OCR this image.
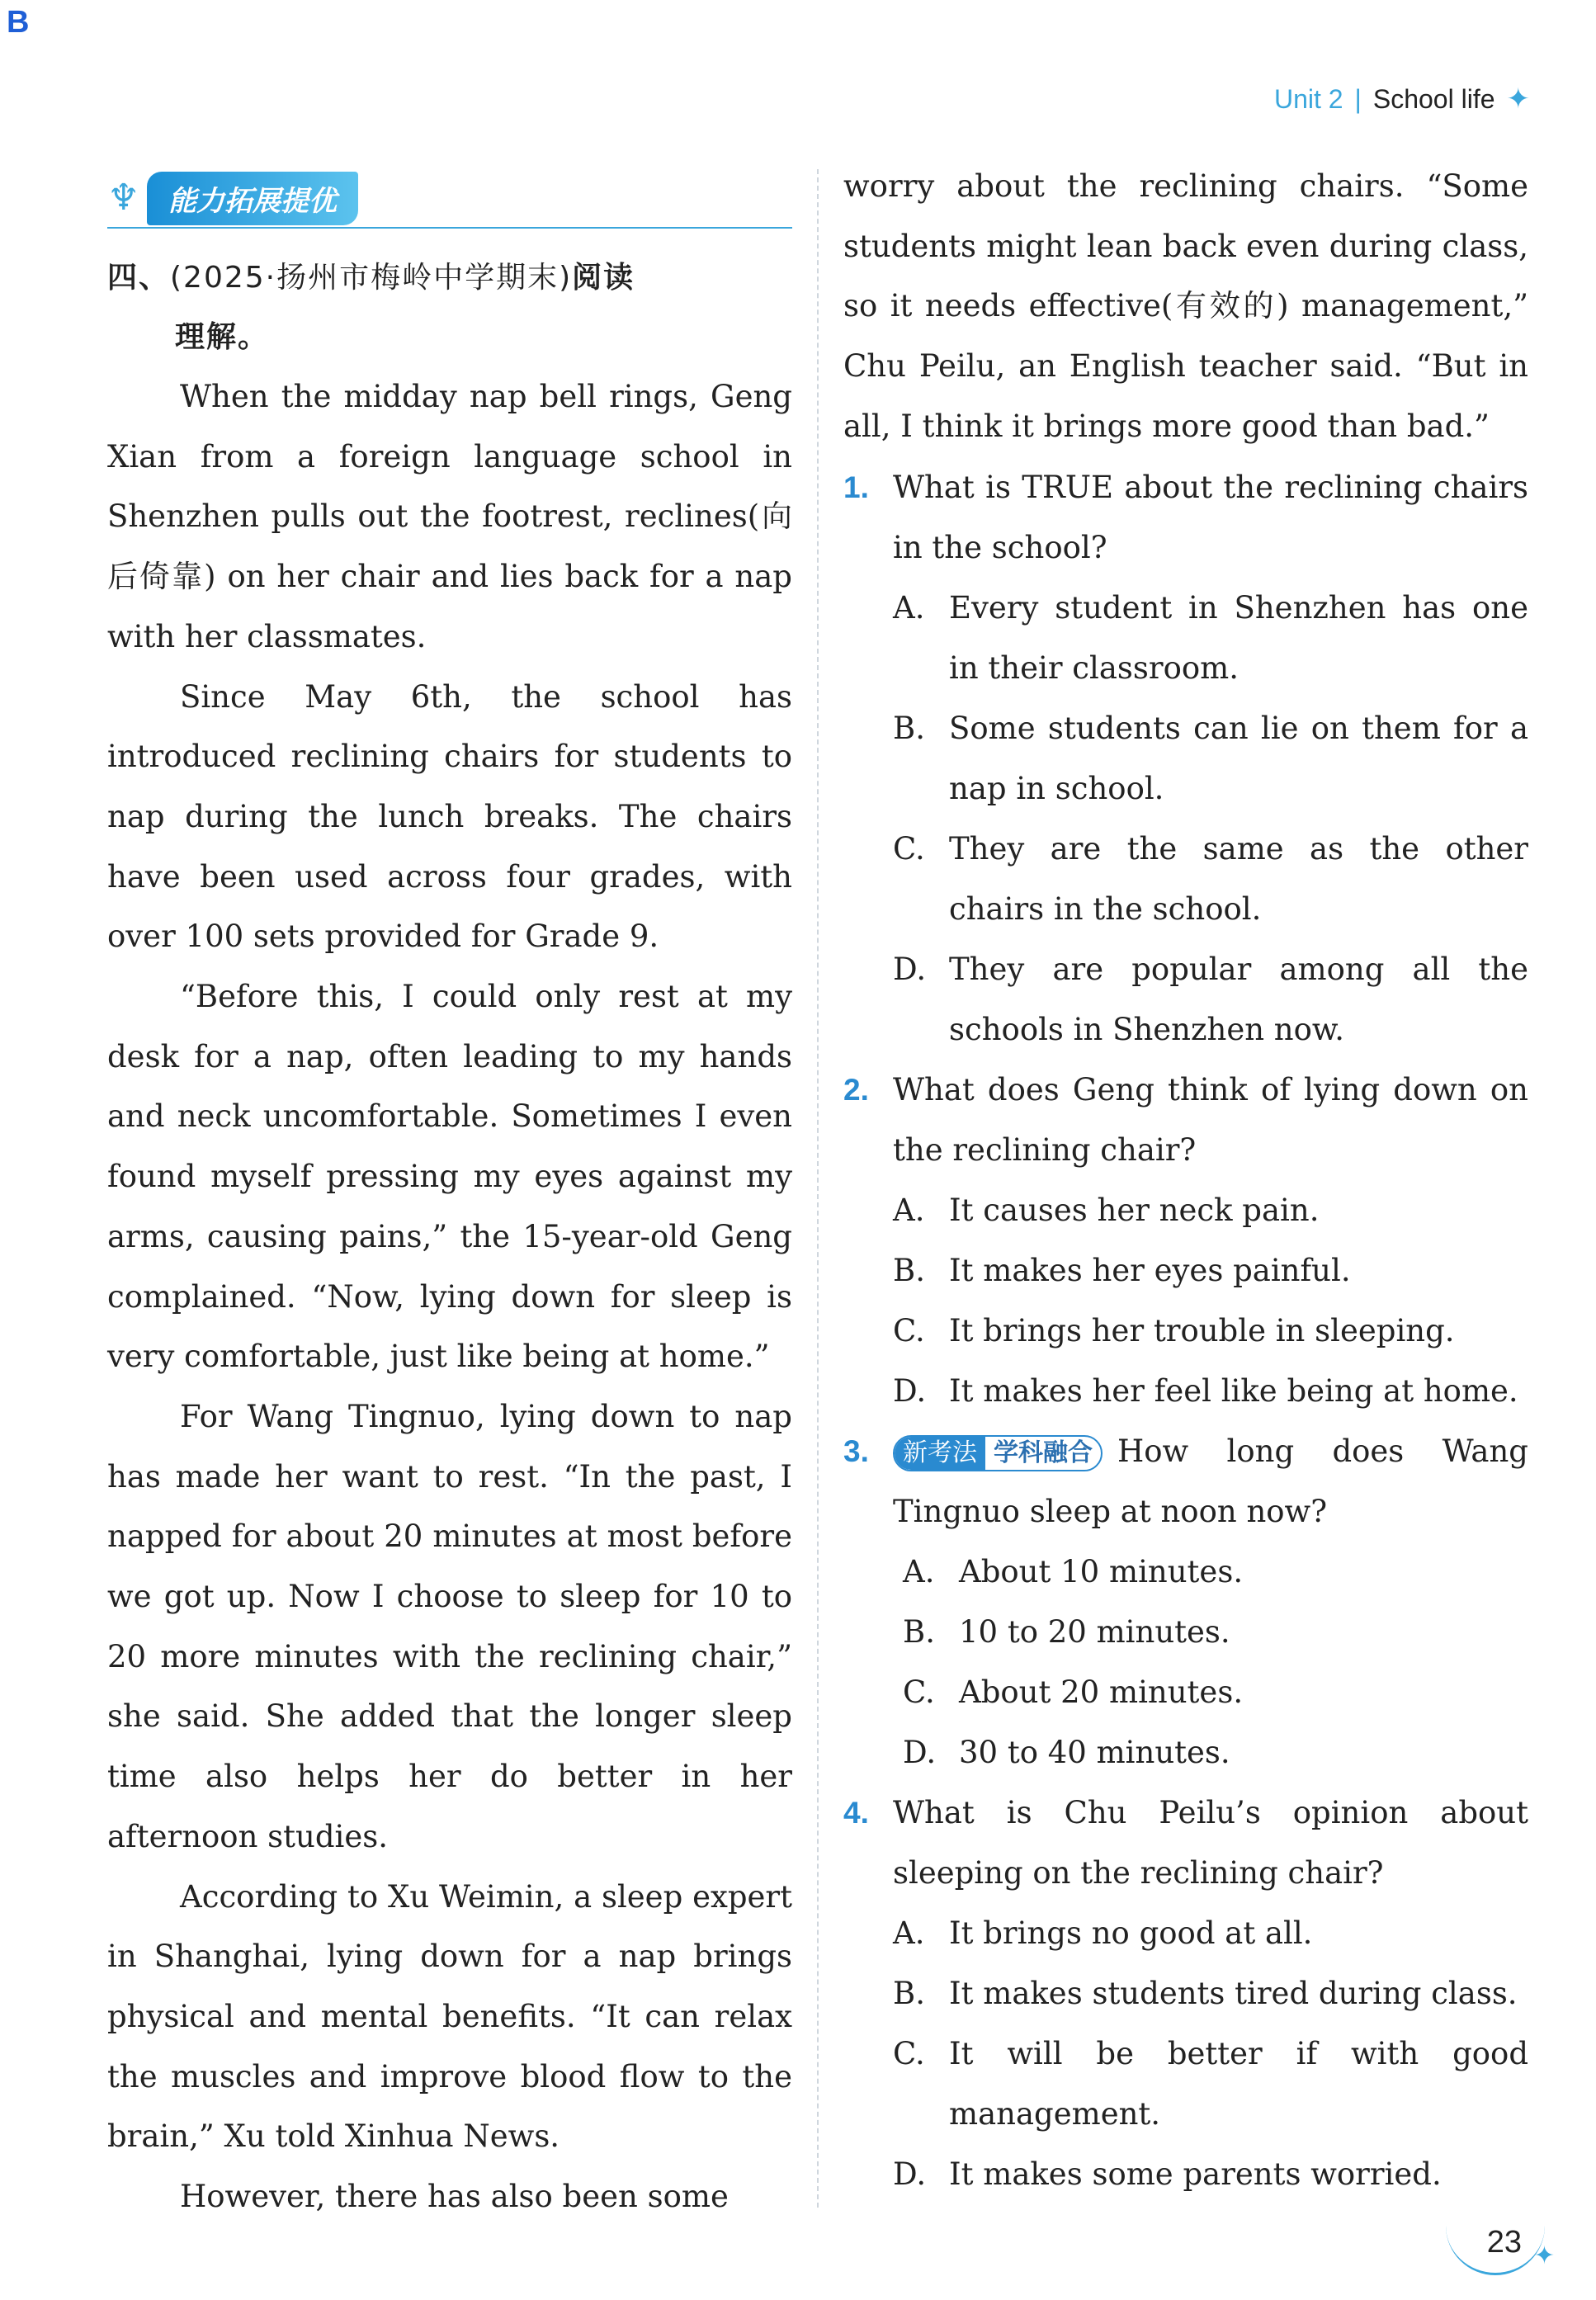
B
Unit 2 | School life ✦
♆	能力拓展提优
四、(2025·扬州市梅岭中学期末)阅读
理解。

When the midday nap bell rings, Geng Xian from a foreign language school in Shenzhen pulls out the footrest, reclines(向后倚靠) on her chair and lies back for a nap with her classmates.

Since May 6th, the school has introduced reclining chairs for students to nap during the lunch breaks. The chairs have been used across four grades, with over 100 sets provided for Grade 9.

“Before this, I could only rest at my desk for a nap, often leading to my hands and neck uncomfortable. Sometimes I even found myself pressing my eyes against my arms, causing pains,” the 15-year-old Geng complained. “Now, lying down for sleep is very comfortable, just like being at home.”

For Wang Tingnuo, lying down to nap has made her want to rest. “In the past, I napped for about 20 minutes at most before we got up. Now I choose to sleep for 10 to 20 more minutes with the reclining chair,” she said. She added that the longer sleep time also helps her do better in her afternoon studies.

According to Xu Weimin, a sleep expert in Shanghai, lying down for a nap brings physical and mental benefits. “It can relax the muscles and improve blood flow to the brain,” Xu told Xinhua News.

However, there has also been some

worry about the reclining chairs. “Some students might lean back even during class, so it needs effective(有效的) management,” Chu Peilu, an English teacher said. “But in all, I think it brings more good than bad.”

1. What is TRUE about the reclining chairs in the school?
A. Every student in Shenzhen has one in their classroom.
B. Some students can lie on them for a nap in school.
C. They are the same as the other chairs in the school.
D. They are popular among all the schools in Shenzhen now.
2. What does Geng think of lying down on the reclining chair?
A. It causes her neck pain.
B. It makes her eyes painful.
C. It brings her trouble in sleeping.
D. It makes her feel like being at home.
3.	新考法 学科融合 How long does Wang Tingnuo sleep at noon now?
A. About 10 minutes.
B. 10 to 20 minutes.
C. About 20 minutes.
D. 30 to 40 minutes.
4. What is Chu Peilu’s opinion about sleeping on the reclining chair?
A. It brings no good at all.
B. It makes students tired during class.
C. It will be better if with good management.
D. It makes some parents worried.
23 ✦
